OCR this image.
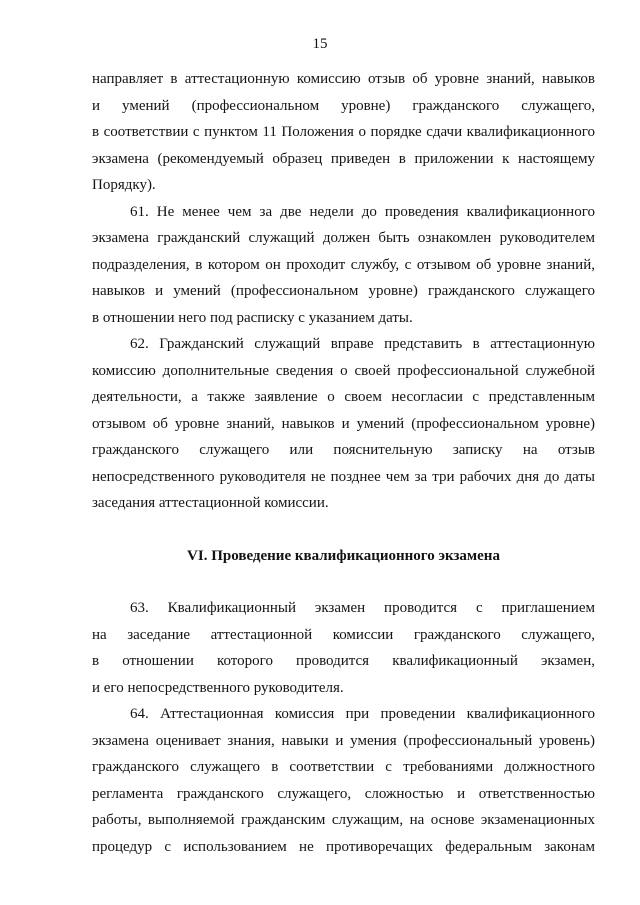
15
направляет в аттестационную комиссию отзыв об уровне знаний, навыков
и умений (профессиональном уровне) гражданского служащего,
в соответствии с пунктом 11 Положения о порядке сдачи квалификационного
экзамена (рекомендуемый образец приведен в приложении к настоящему
Порядку).
61. Не менее чем за две недели до проведения квалификационного
экзамена гражданский служащий должен быть ознакомлен руководителем
подразделения, в котором он проходит службу, с отзывом об уровне знаний,
навыков и умений (профессиональном уровне) гражданского служащего
в отношении него под расписку с указанием даты.
62. Гражданский служащий вправе представить в аттестационную
комиссию дополнительные сведения о своей профессиональной служебной
деятельности, а также заявление о своем несогласии с представленным
отзывом об уровне знаний, навыков и умений (профессиональном уровне)
гражданского служащего или пояснительную записку на отзыв
непосредственного руководителя не позднее чем за три рабочих дня до даты
заседания аттестационной комиссии.
VI. Проведение квалификационного экзамена
63. Квалификационный экзамен проводится с приглашением
на заседание аттестационной комиссии гражданского служащего,
в отношении которого проводится квалификационный экзамен,
и его непосредственного руководителя.
64. Аттестационная комиссия при проведении квалификационного
экзамена оценивает знания, навыки и умения (профессиональный уровень)
гражданского служащего в соответствии с требованиями должностного
регламента гражданского служащего, сложностью и ответственностью
работы, выполняемой гражданским служащим, на основе экзаменационных
процедур с использованием не противоречащих федеральным законам
